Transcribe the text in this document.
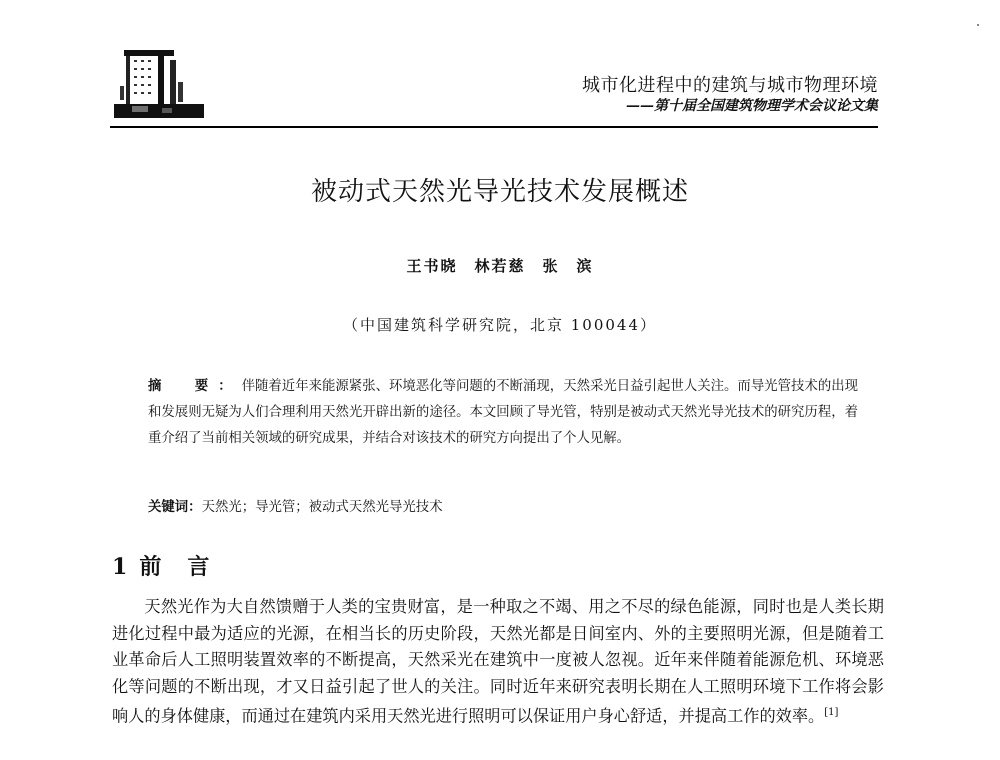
城市化进程中的建筑与城市物理环境
——第十届全国建筑物理学术会议论文集
被动式天然光导光技术发展概述
王书晓　林若慈　张　滨
（中国建筑科学研究院，北京 100044）
摘　要：伴随着近年来能源紧张、环境恶化等问题的不断涌现，天然采光日益引起世人关注。而导光管技术的出现和发展则无疑为人们合理利用天然光开辟出新的途径。本文回顾了导光管，特别是被动式天然光导光技术的研究历程，着重介绍了当前相关领域的研究成果，并结合对该技术的研究方向提出了个人见解。
关键词：天然光；导光管；被动式天然光导光技术
1 前言
天然光作为大自然馈赠于人类的宝贵财富，是一种取之不竭、用之不尽的绿色能源，同时也是人类长期进化过程中最为适应的光源，在相当长的历史阶段，天然光都是日间室内、外的主要照明光源，但是随着工业革命后人工照明装置效率的不断提高，天然采光在建筑中一度被人忽视。近年来伴随着能源危机、环境恶化等问题的不断出现，才又日益引起了世人的关注。同时近年来研究表明长期在人工照明环境下工作将会影响人的身体健康，而通过在建筑内采用天然光进行照明可以保证用户身心舒适，并提高工作的效率。[1]
